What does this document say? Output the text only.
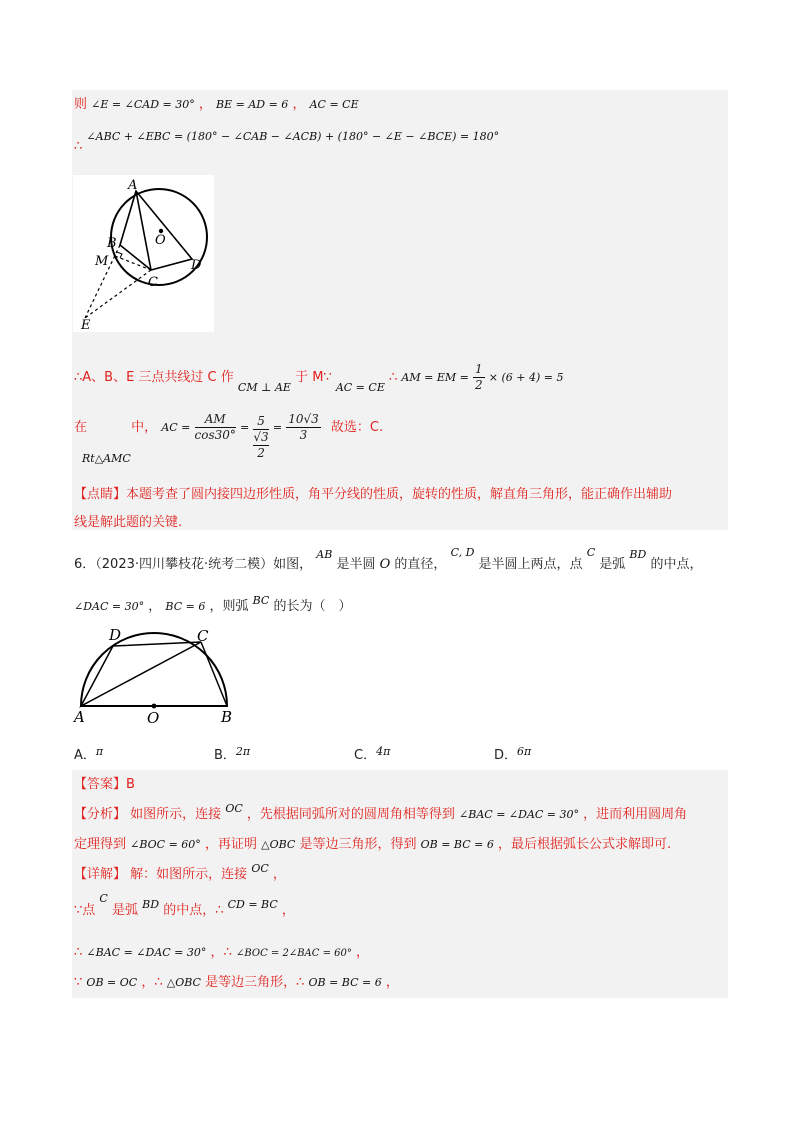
则 ∠E = ∠CAD = 30° ， BE = AD = 6 ， AC = CE
∴ ∠ABC + ∠EBC = (180° − ∠CAB − ∠ACB) + (180° − ∠E − ∠BCE) = 180°
A
B
M
C
D
O
E
∴A、B、E 三点共线过 C 作 $_{CM \perp AE}$ 于 M∵ $_{AC = CE}$ ∴ AM = EM = $\frac{1}{2} \times (6 + 4) = 5$
在
Rt△AMC
中， $^{AC =} \frac{AM}{\cos 30^\circ} ^=$ 5
√3
2
$^= \frac{10√3}{3}$ 故选：C.
【点睛】本题考查了圆内接四边形性质，角平分线的性质，旋转的性质，解直角三角形，能正确作出辅助
线是解此题的关键.
6．（2023·四川攀枝花·统考二模）如图， $^{AB}$ 是半圆 O 的直径， $^{C, D}$ 是半圆上两点，点 $^C$ 是弧 $^{BD}$ 的中点，
∠DAC = 30° ， BC = 6 ，则弧 $^{BC}$ 的长为（　）
D	C
A	O	B
A．$^\pi$	B．$^{2\pi}$	C．$^{4\pi}$	D．$^{6\pi}$
【答案】B
【分析】 如图所示，连接 $^{OC}$ ，先根据同弧所对的圆周角相等得到 ∠BAC = ∠DAC = 30° ，进而利用圆周角
定理得到 ∠BOC = 60° ，再证明 △OBC 是等边三角形，得到 OB = BC = 6 ，最后根据弧长公式求解即可.
【详解】 解：如图所示，连接 $^{OC}$ ，
∵点 $^C$ 是弧 $^{BD}$ 的中点，∴ $^{CD = BC}$ ，
∴ ∠BAC = ∠DAC = 30° ，∴ ∠BOC = 2∠BAC = 60° ，
∵ OB = OC ，∴ △OBC 是等边三角形，∴ OB = BC = 6 ，
